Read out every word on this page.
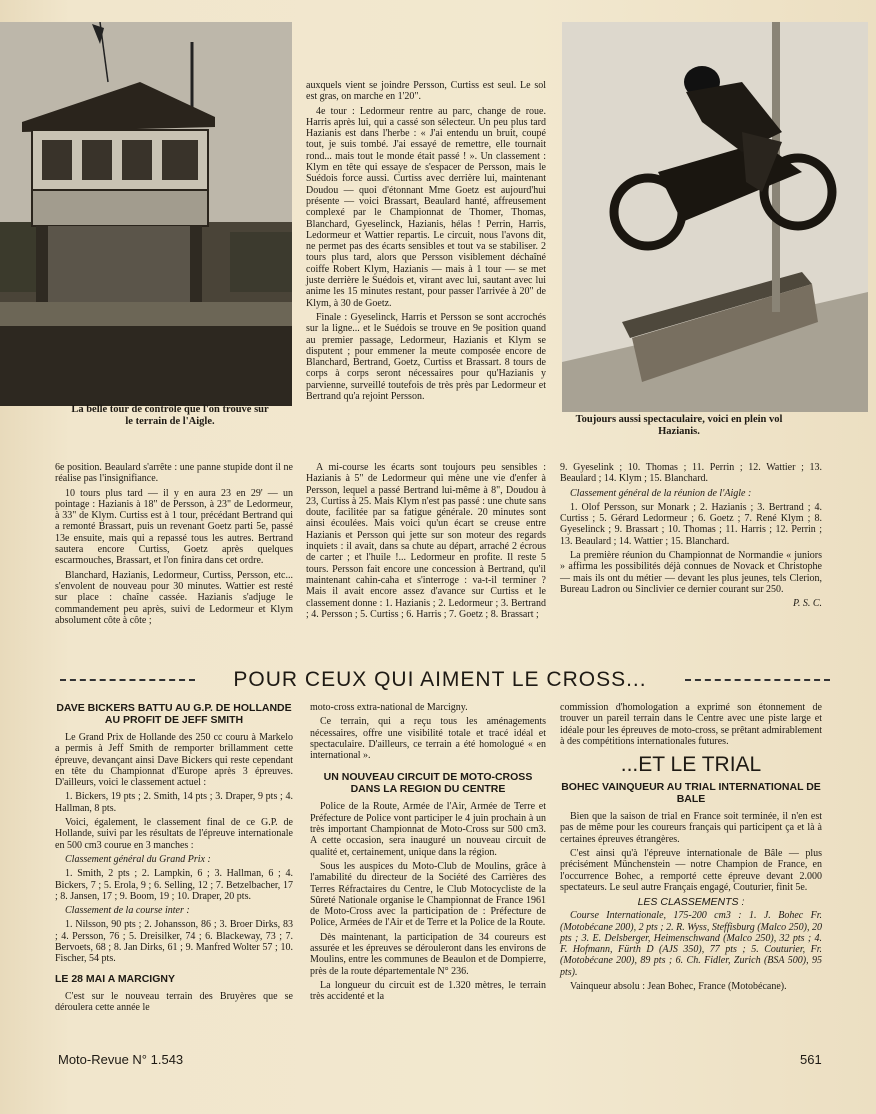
La belle tour de contrôle que l'on trouve sur le terrain de l'Aigle.	Toujours aussi spectaculaire, voici en plein vol Hazianis.

auxquels vient se joindre Persson, Curtiss est seul. Le sol est gras, on marche en 1'20".

4e tour : Ledormeur rentre au parc, change de roue. Harris après lui, qui a cassé son sélecteur. Un peu plus tard Hazianis est dans l'herbe : « J'ai entendu un bruit, coupé tout, je suis tombé. J'ai essayé de remettre, elle tournait rond... mais tout le monde était passé ! ». Un classement : Klym en tête qui essaye de s'espacer de Persson, mais le Suédois force aussi. Curtiss avec derrière lui, maintenant Doudou — quoi d'étonnant Mme Goetz est aujourd'hui présente — voici Brassart, Beaulard hanté, affreusement complexé par le Championnat de Thomer, Thomas, Blanchard, Gyeselinck, Hazianis, hélas ! Perrin, Harris, Ledormeur et Wattier repartis. Le circuit, nous l'avons dit, ne permet pas des écarts sensibles et tout va se stabiliser. 2 tours plus tard, alors que Persson visiblement déchaîné coiffe Robert Klym, Hazianis — mais à 1 tour — se met juste derrière le Suédois et, virant avec lui, sautant avec lui anime les 15 minutes restant, pour passer l'arrivée à 20" de Klym, à 30 de Goetz.

Finale : Gyeselinck, Harris et Persson se sont accrochés sur la ligne... et le Suédois se trouve en 9e position quand au premier passage, Ledormeur, Hazianis et Klym se disputent ; pour emmener la meute composée encore de Blanchard, Bertrand, Goetz, Curtiss et Brassart. 8 tours de corps à corps seront nécessaires pour qu'Hazianis y parvienne, surveillé toutefois de très près par Ledormeur et Bertrand qu'a rejoint Persson.

6e position. Beaulard s'arrête : une panne stupide dont il ne réalise pas l'insignifiance.

10 tours plus tard — il y en aura 23 en 29' — un pointage : Hazianis à 18" de Persson, à 23" de Ledormeur, à 33" de Klym. Curtiss est à 1 tour, précédant Bertrand qui a remonté Brassart, puis un revenant Goetz parti 5e, passé 13e ensuite, mais qui a repassé tous les autres. Bertrand sautera encore Curtiss, Goetz après quelques escarmouches, Brassart, et l'on finira dans cet ordre.

Blanchard, Hazianis, Ledormeur, Curtiss, Persson, etc... s'envolent de nouveau pour 30 minutes. Wattier est resté sur place : chaîne cassée. Hazianis s'adjuge le commandement peu après, suivi de Ledormeur et Klym absolument côte à côte ;

A mi-course les écarts sont toujours peu sensibles : Hazianis à 5" de Ledormeur qui mène une vie d'enfer à Persson, lequel a passé Bertrand lui-même à 8", Doudou à 23, Curtiss à 25. Mais Klym n'est pas passé : une chute sans doute, facilitée par sa fatigue générale. 20 minutes sont ainsi écoulées. Mais voici qu'un écart se creuse entre Hazianis et Persson qui jette sur son moteur des regards inquiets : il avait, dans sa chute au départ, arraché 2 écrous de carter ; et l'huile !... Ledormeur en profite. Il reste 5 tours. Persson fait encore une concession à Bertrand, qu'il maintenant cahin-caha et s'interroge : va-t-il terminer ? Mais il avait encore assez d'avance sur Curtiss et le classement donne : 1. Hazianis ; 2. Ledormeur ; 3. Bertrand ; 4. Persson ; 5. Curtiss ; 6. Harris ; 7. Goetz ; 8. Brassart ;

9. Gyeselink ; 10. Thomas ; 11. Perrin ; 12. Wattier ; 13. Beaulard ; 14. Klym ; 15. Blanchard.

Classement général de la réunion de l'Aigle :

1. Olof Persson, sur Monark ; 2. Hazianis ; 3. Bertrand ; 4. Curtiss ; 5. Gérard Ledormeur ; 6. Goetz ; 7. René Klym ; 8. Gyeselinck ; 9. Brassart ; 10. Thomas ; 11. Harris ; 12. Perrin ; 13. Beaulard ; 14. Wattier ; 15. Blanchard.

La première réunion du Championnat de Normandie « juniors » affirma les possibilités déjà connues de Novack et Christophe — mais ils ont du métier — devant les plus jeunes, tels Clerion, Bureau Ladron ou Sinclivier ce dernier courant sur 250.

P. S. C.
POUR CEUX QUI AIMENT LE CROSS...
DAVE BICKERS BATTU AU G.P. DE HOLLANDE AU PROFIT DE JEFF SMITH

Le Grand Prix de Hollande des 250 cc couru à Markelo a permis à Jeff Smith de remporter brillamment cette épreuve, devançant ainsi Dave Bickers qui reste cependant en tête du Championnat d'Europe après 3 épreuves. D'ailleurs, voici le classement actuel :

1. Bickers, 19 pts ; 2. Smith, 14 pts ; 3. Draper, 9 pts ; 4. Hallman, 8 pts.

Voici, également, le classement final de ce G.P. de Hollande, suivi par les résultats de l'épreuve internationale en 500 cm3 courue en 3 manches :

Classement général du Grand Prix :

1. Smith, 2 pts ; 2. Lampkin, 6 ; 3. Hallman, 6 ; 4. Bickers, 7 ; 5. Erola, 9 ; 6. Selling, 12 ; 7. Betzelbacher, 17 ; 8. Jansen, 17 ; 9. Boom, 19 ; 10. Draper, 20 pts.

Classement de la course inter :

1. Nilsson, 90 pts ; 2. Johansson, 86 ; 3. Broer Dirks, 83 ; 4. Persson, 76 ; 5. Dreisilker, 74 ; 6. Blackeway, 73 ; 7. Bervoets, 68 ; 8. Jan Dirks, 61 ; 9. Manfred Wolter 57 ; 10. Fischer, 54 pts.

LE 28 MAI A MARCIGNY

C'est sur le nouveau terrain des Bruyères que se déroulera cette année le

moto-cross extra-national de Marcigny.

Ce terrain, qui a reçu tous les aménagements nécessaires, offre une visibilité totale et tracé idéal et spectaculaire. D'ailleurs, ce terrain a été homologué « en international ».

UN NOUVEAU CIRCUIT DE MOTO-CROSS DANS LA REGION DU CENTRE

Police de la Route, Armée de l'Air, Armée de Terre et Préfecture de Police vont participer le 4 juin prochain à un très important Championnat de Moto-Cross sur 500 cm3. A cette occasion, sera inauguré un nouveau circuit de qualité et, certainement, unique dans la région.

Sous les auspices du Moto-Club de Moulins, grâce à l'amabilité du directeur de la Société des Carrières des Terres Réfractaires du Centre, le Club Motocycliste de la Sûreté Nationale organise le Championnat de France 1961 de Moto-Cross avec la participation de : Préfecture de Police, Armées de l'Air et de Terre et la Police de la Route.

Dès maintenant, la participation de 34 coureurs est assurée et les épreuves se dérouleront dans les environs de Moulins, entre les communes de Beaulon et de Dompierre, près de la route départementale N° 236.

La longueur du circuit est de 1.320 mètres, le terrain très accidenté et la

commission d'homologation a exprimé son étonnement de trouver un pareil terrain dans le Centre avec une piste large et idéale pour les épreuves de moto-cross, se prêtant admirablement à des compétitions internationales futures.

...ET LE TRIAL
BOHEC VAINQUEUR AU TRIAL INTERNATIONAL DE BALE

Bien que la saison de trial en France soit terminée, il n'en est pas de même pour les coureurs français qui participent ça et là à certaines épreuves étrangères.

C'est ainsi qu'à l'épreuve internationale de Bâle — plus précisément Münchenstein — notre Champion de France, en l'occurrence Bohec, a remporté cette épreuve devant 2.000 spectateurs. Le seul autre Français engagé, Couturier, finit 5e.

LES CLASSEMENTS :

Course Internationale, 175-200 cm3 : 1. J. Bohec Fr. (Motobécane 200), 2 pts ; 2. R. Wyss, Steffisburg (Malco 250), 20 pts ; 3. E. Delsberger, Heimenschwand (Malco 250), 32 pts ; 4. F. Hofmann, Fürth D (AJS 350), 77 pts ; 5. Couturier, Fr. (Motobécane 200), 89 pts ; 6. Ch. Fidler, Zurich (BSA 500), 95 pts).

Vainqueur absolu : Jean Bohec, France (Motobécane).

Moto-Revue N° 1.543	561
